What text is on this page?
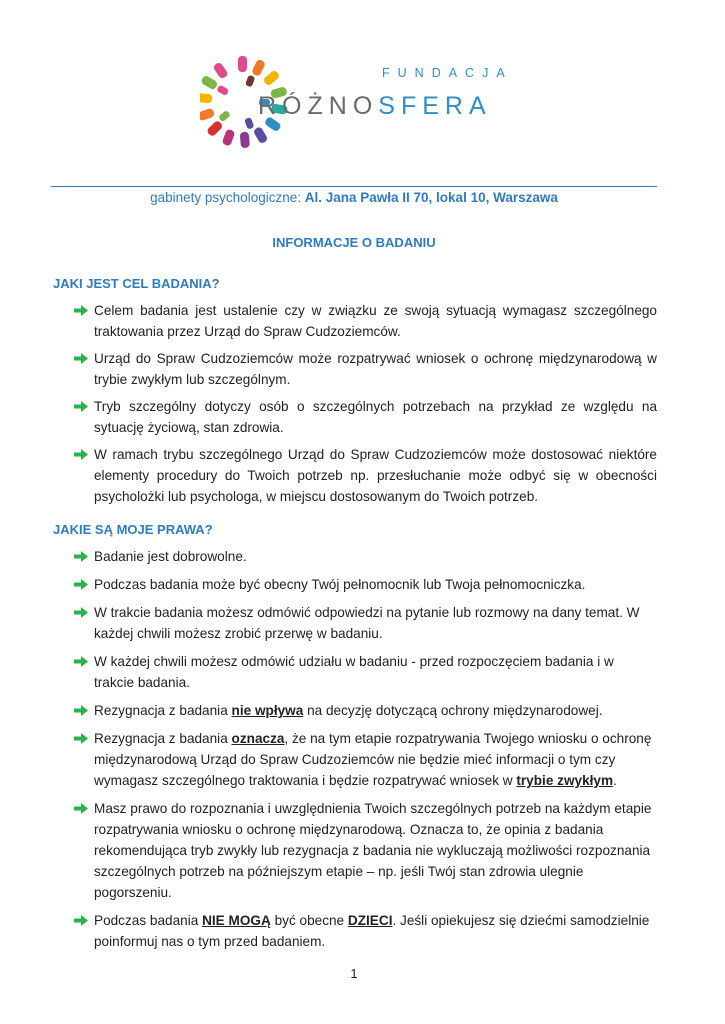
FUNDACJA
RÓŻNOSFERA
gabinety psychologiczne: Al. Jana Pawła II 70, lokal 10, Warszawa
INFORMACJE O BADANIU
JAKI JEST CEL BADANIA?
Celem badania jest ustalenie czy w związku ze swoją sytuacją wymagasz szczególnego traktowania przez Urząd do Spraw Cudzoziemców.
Urząd do Spraw Cudzoziemców może rozpatrywać wniosek o ochronę międzynarodową w trybie zwykłym lub szczególnym.
Tryb szczególny dotyczy osób o szczególnych potrzebach na przykład ze względu na sytuację życiową, stan zdrowia.
W ramach trybu szczególnego Urząd do Spraw Cudzoziemców może dostosować niektóre elementy procedury do Twoich potrzeb np. przesłuchanie może odbyć się w obecności psycholożki lub psychologa, w miejscu dostosowanym do Twoich potrzeb.
JAKIE SĄ MOJE PRAWA?
Badanie jest dobrowolne.
Podczas badania może być obecny Twój pełnomocnik lub Twoja pełnomocniczka.
W trakcie badania możesz odmówić odpowiedzi na pytanie lub rozmowy na dany temat. W każdej chwili możesz zrobić przerwę w badaniu.
W każdej chwili możesz odmówić udziału w badaniu - przed rozpoczęciem badania i w trakcie badania.
Rezygnacja z badania nie wpływa na decyzję dotyczącą ochrony międzynarodowej.
Rezygnacja z badania oznacza, że na tym etapie rozpatrywania Twojego wniosku o ochronę międzynarodową Urząd do Spraw Cudzoziemców nie będzie mieć informacji o tym czy wymagasz szczególnego traktowania i będzie rozpatrywać wniosek w trybie zwykłym.
Masz prawo do rozpoznania i uwzględnienia Twoich szczególnych potrzeb na każdym etapie rozpatrywania wniosku o ochronę międzynarodową. Oznacza to, że opinia z badania rekomendująca tryb zwykły lub rezygnacja z badania nie wykluczają możliwości rozpoznania szczególnych potrzeb na późniejszym etapie – np. jeśli Twój stan zdrowia ulegnie pogorszeniu.
Podczas badania NIE MOGĄ być obecne DZIECI. Jeśli opiekujesz się dziećmi samodzielnie poinformuj nas o tym przed badaniem.
1
